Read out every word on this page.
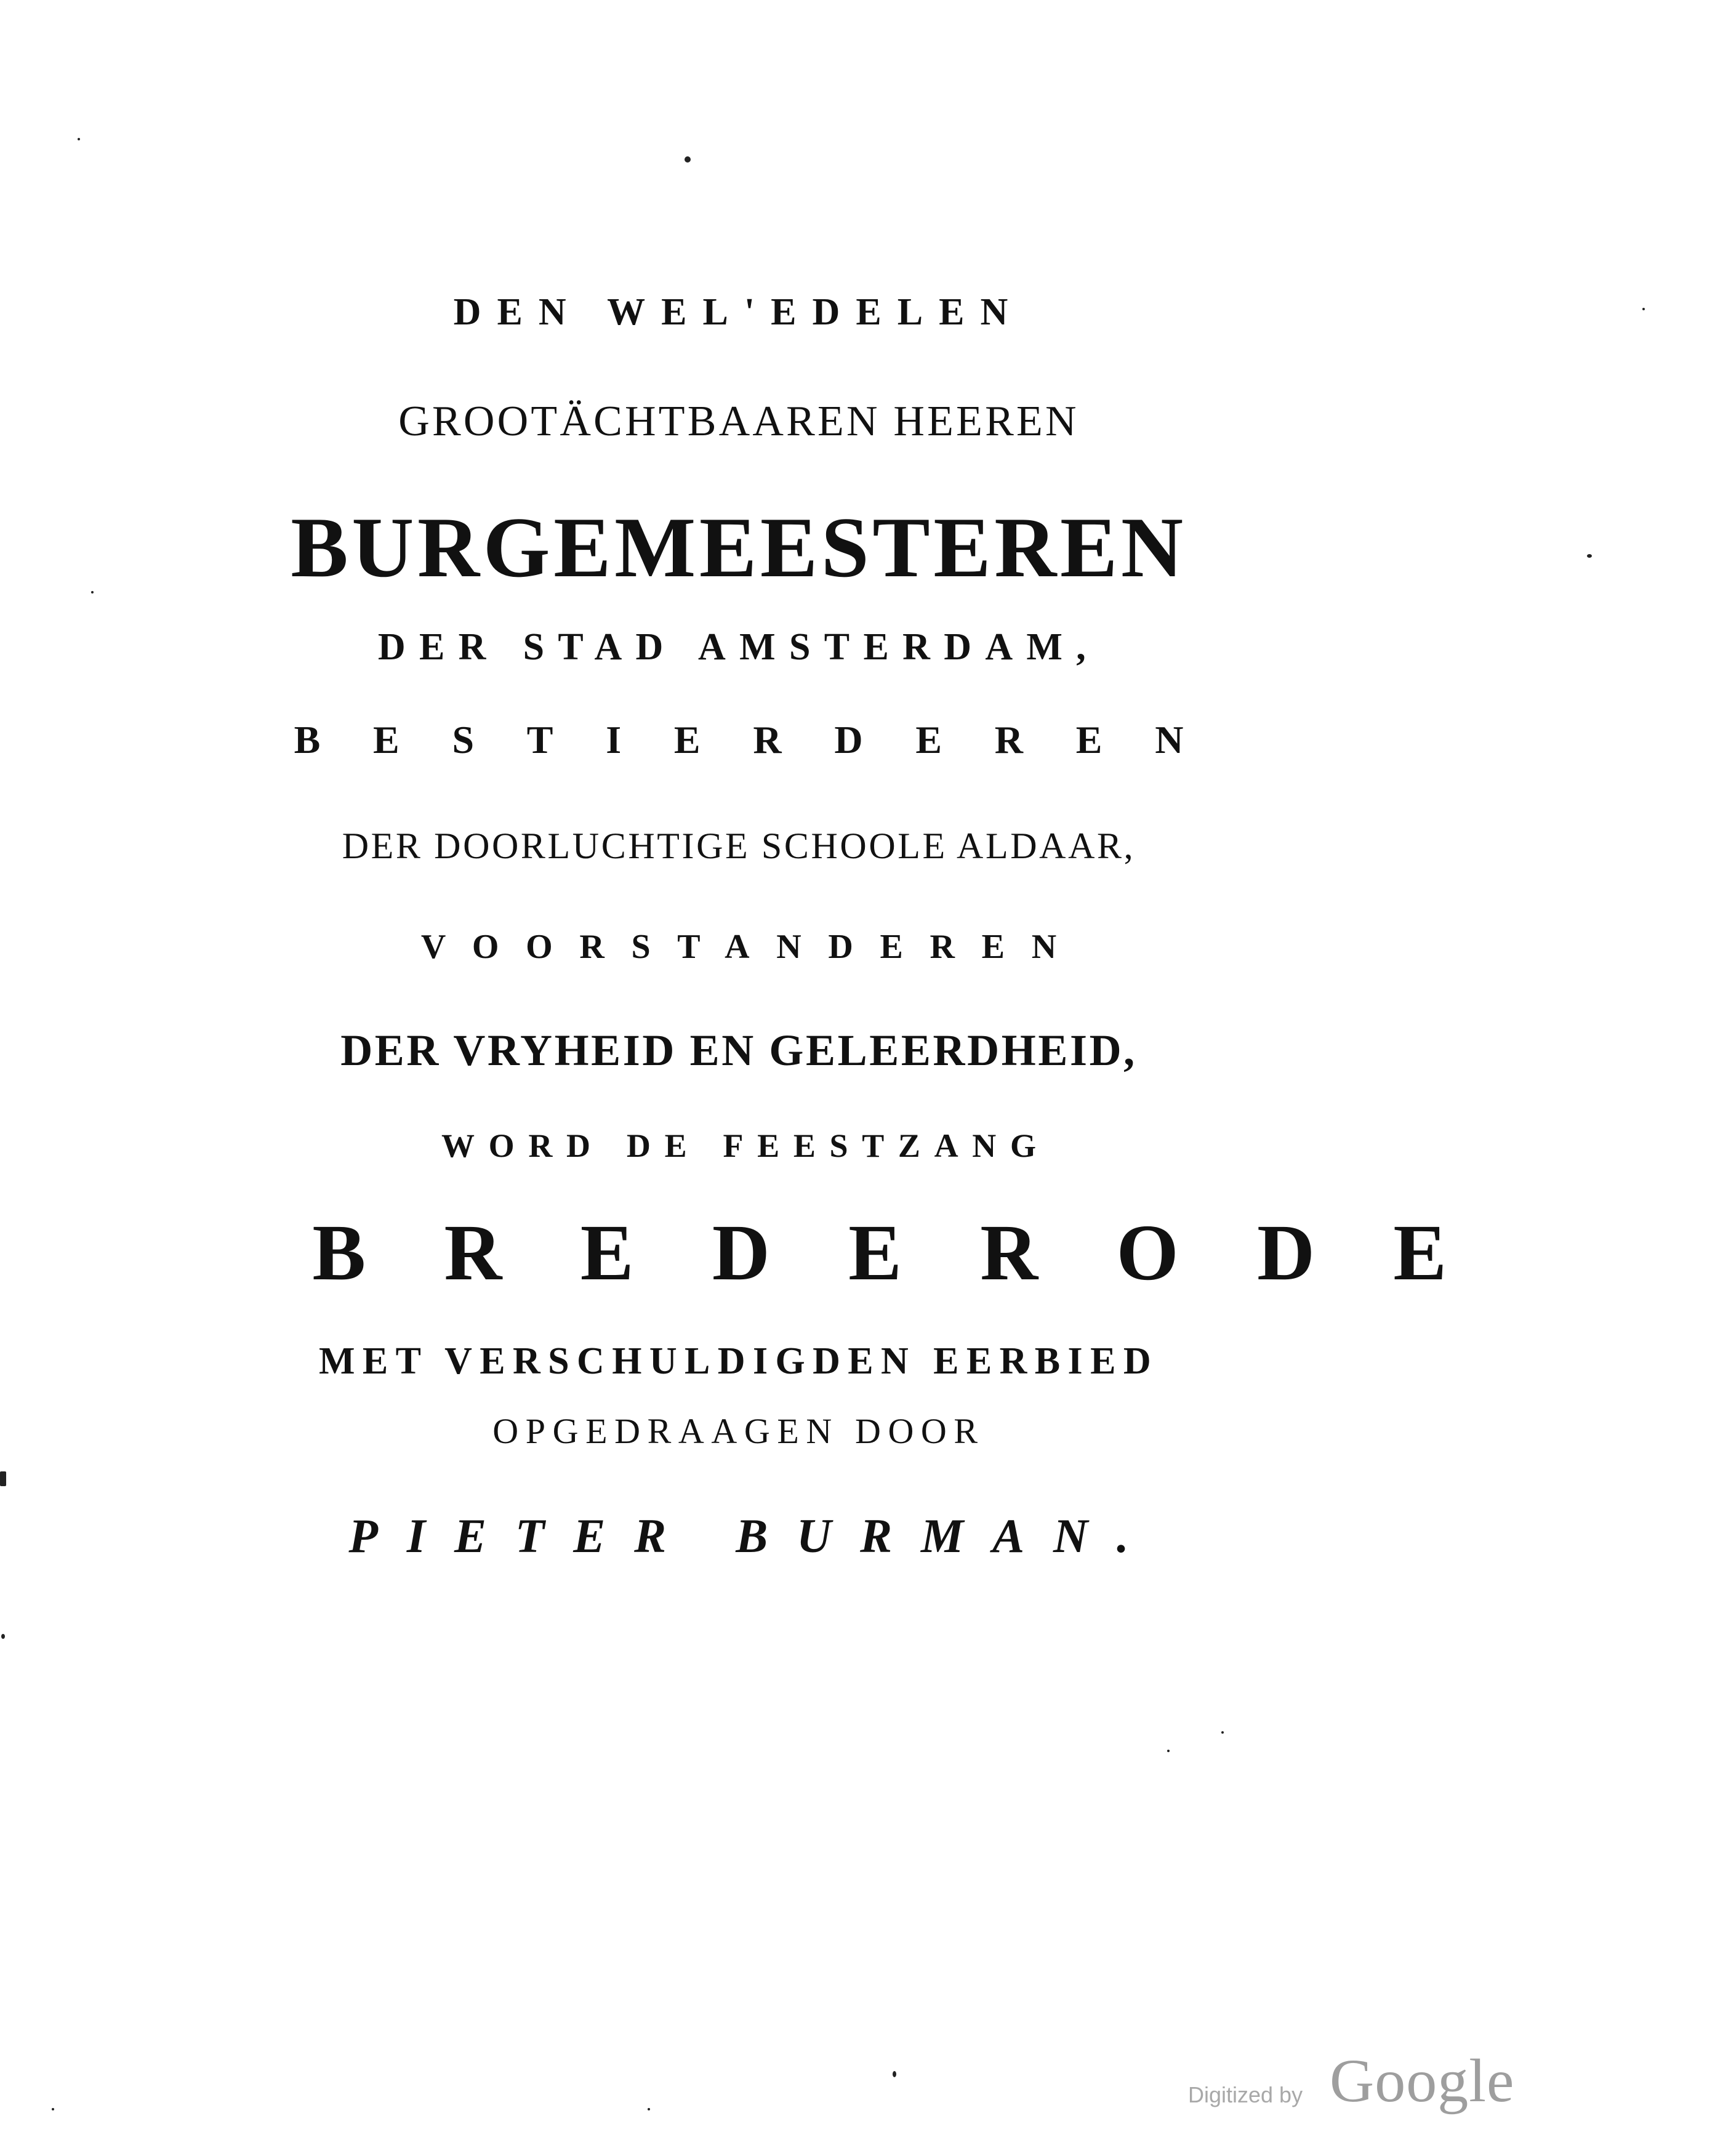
DEN WEL'EDELEN

GROOTÄCHTBAAREN HEEREN

BURGEMEESTEREN

DER STAD AMSTERDAM,

BESTIERDEREN

DER DOORLUCHTIGE SCHOOLE ALDAAR,

VOORSTANDEREN

DER VRYHEID EN GELEERDHEID,

WORD DE FEESTZANG

BREDERODE

MET VERSCHULDIGDEN EERBIED

OPGEDRAAGEN DOOR

PIETER BURMAN.

Digitized by Google
